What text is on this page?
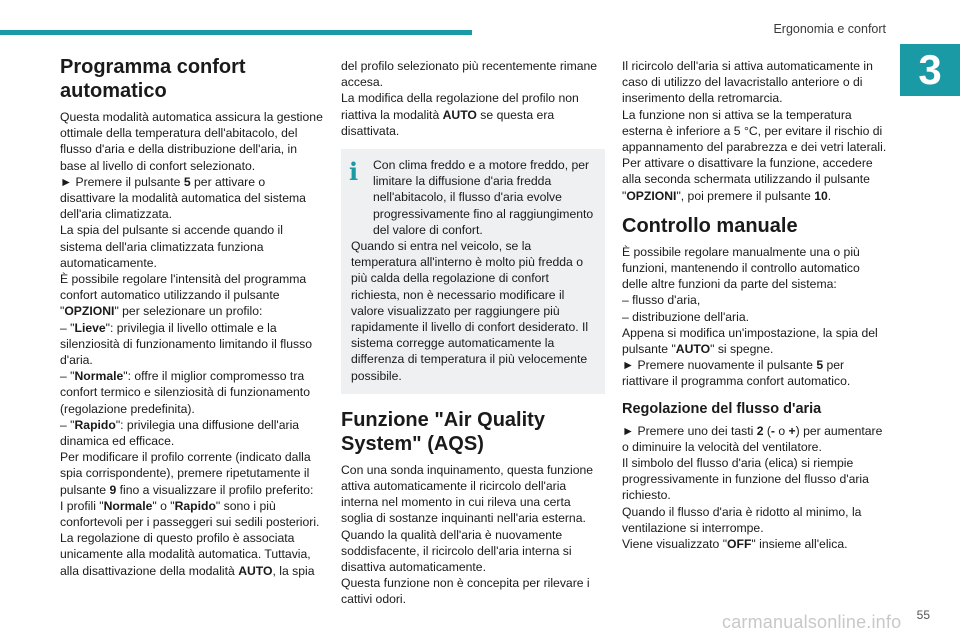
Ergonomia e confort
3
Programma confort automatico

Questa modalità automatica assicura la gestione ottimale della temperatura dell'abitacolo, del flusso d'aria e della distribuzione dell'aria, in base al livello di confort selezionato.

► Premere il pulsante 5 per attivare o disattivare la modalità automatica del sistema dell'aria climatizzata.

La spia del pulsante si accende quando il sistema dell'aria climatizzata funziona automaticamente.

È possibile regolare l'intensità del programma confort automatico utilizzando il pulsante "OPZIONI" per selezionare un profilo:

– "Lieve": privilegia il livello ottimale e la silenziosità di funzionamento limitando il flusso d'aria.

– "Normale": offre il miglior compromesso tra confort termico e silenziosità di funzionamento (regolazione predefinita).

– "Rapido": privilegia una diffusione dell'aria dinamica ed efficace.

Per modificare il profilo corrente (indicato dalla spia corrispondente), premere ripetutamente il pulsante 9 fino a visualizzare il profilo preferito:

I profili "Normale" o "Rapido" sono i più confortevoli per i passeggeri sui sedili posteriori.

La regolazione di questo profilo è associata unicamente alla modalità automatica. Tuttavia, alla disattivazione della modalità AUTO, la spia

del profilo selezionato più recentemente rimane accesa.

La modifica della regolazione del profilo non riattiva la modalità AUTO se questa era disattivata.

i	Con clima freddo e a motore freddo, per limitare la diffusione d'aria fredda nell'abitacolo, il flusso d'aria evolve progressivamente fino al raggiungimento del valore di confort.

Quando si entra nel veicolo, se la temperatura all'interno è molto più fredda o più calda della regolazione di confort richiesta, non è necessario modificare il valore visualizzato per raggiungere più rapidamente il livello di confort desiderato. Il sistema corregge automaticamente la differenza di temperatura il più velocemente possibile.

Funzione "Air Quality System" (AQS)

Con una sonda inquinamento, questa funzione attiva automaticamente il ricircolo dell'aria interna nel momento in cui rileva una certa soglia di sostanze inquinanti nell'aria esterna.

Quando la qualità dell'aria è nuovamente soddisfacente, il ricircolo dell'aria interna si disattiva automaticamente.

Questa funzione non è concepita per rilevare i cattivi odori.

Il ricircolo dell'aria si attiva automaticamente in caso di utilizzo del lavacristallo anteriore o di inserimento della retromarcia.

La funzione non si attiva se la temperatura esterna è inferiore a 5 °C, per evitare il rischio di appannamento del parabrezza e dei vetri laterali.

Per attivare o disattivare la funzione, accedere alla seconda schermata utilizzando il pulsante "OPZIONI", poi premere il pulsante 10.

Controllo manuale

È possibile regolare manualmente una o più funzioni, mantenendo il controllo automatico delle altre funzioni da parte del sistema:

– flusso d'aria,

– distribuzione dell'aria.

Appena si modifica un'impostazione, la spia del pulsante "AUTO" si spegne.

► Premere nuovamente il pulsante 5 per riattivare il programma confort automatico.

Regolazione del flusso d'aria

► Premere uno dei tasti 2 (- o +) per aumentare o diminuire la velocità del ventilatore.

Il simbolo del flusso d'aria (elica) si riempie progressivamente in funzione del flusso d'aria richiesto.

Quando il flusso d'aria è ridotto al minimo, la ventilazione si interrompe.

Viene visualizzato "OFF" insieme all'elica.

carmanualsonline.info	55
